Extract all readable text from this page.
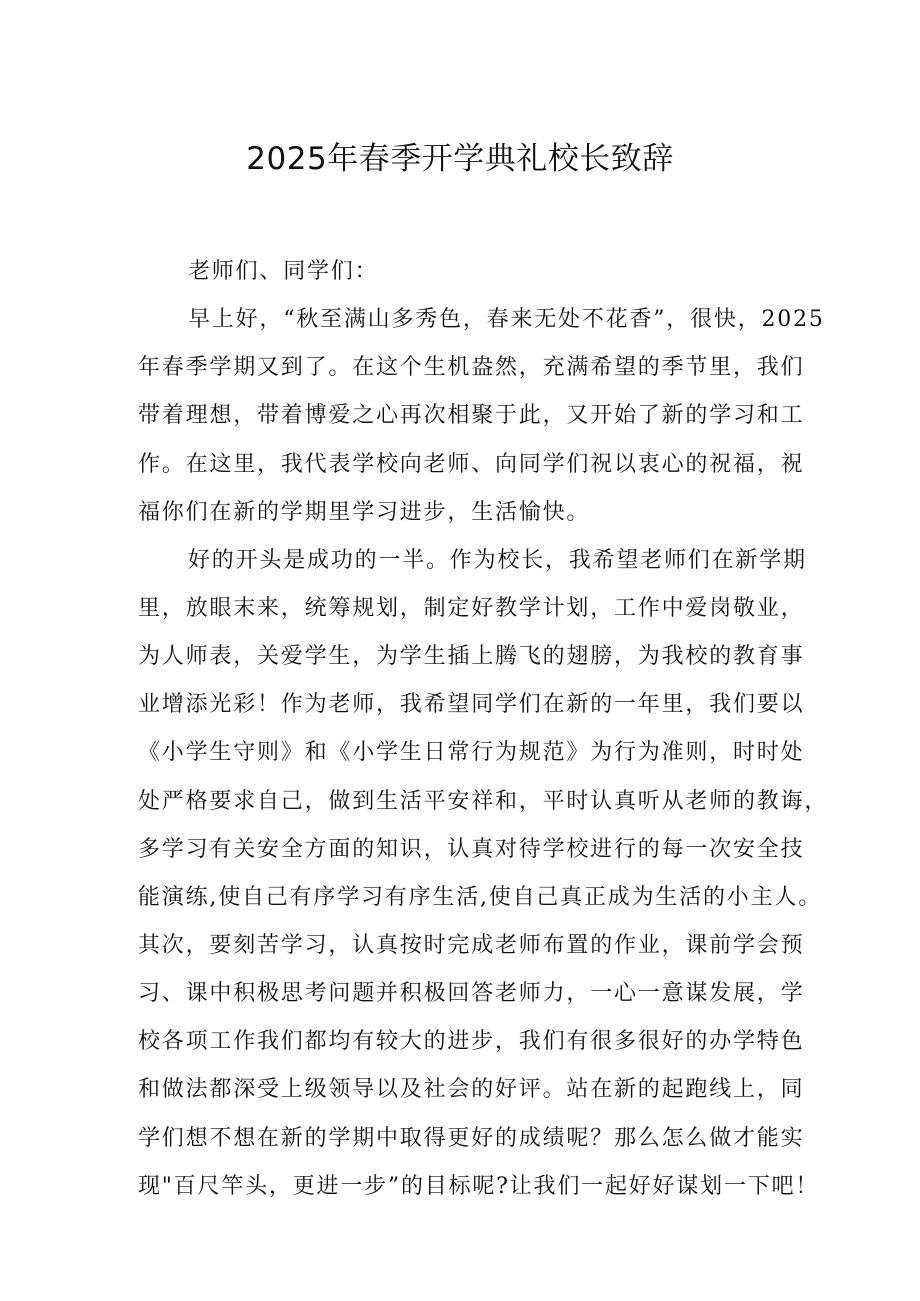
2025年春季开学典礼校长致辞
老师们、同学们：
早上好，“秋至满山多秀色，春来无处不花香”，很快，2025
年春季学期又到了。在这个生机盎然，充满希望的季节里，我们
带着理想，带着博爱之心再次相聚于此，又开始了新的学习和工
作。在这里，我代表学校向老师、向同学们祝以衷心的祝福，祝
福你们在新的学期里学习进步，生活愉快。
好的开头是成功的一半。作为校长，我希望老师们在新学期
里，放眼末来，统筹规划，制定好教学计划，工作中爱岗敬业，
为人师表，关爱学生，为学生插上腾飞的翅膀，为我校的教育事
业增添光彩！作为老师，我希望同学们在新的一年里，我们要以
《小学生守则》和《小学生日常行为规范》为行为准则，时时处
处严格要求自己，做到生活平安祥和，平时认真听从老师的教诲，
多学习有关安全方面的知识，认真对待学校进行的每一次安全技
能演练,使自己有序学习有序生活,使自己真正成为生活的小主人。
其次，要刻苦学习，认真按时完成老师布置的作业，课前学会预
习、课中积极思考问题并积极回答老师力，一心一意谋发展，学
校各项工作我们都均有较大的进步，我们有很多很好的办学特色
和做法都深受上级领导以及社会的好评。站在新的起跑线上，同
学们想不想在新的学期中取得更好的成绩呢？那么怎么做才能实
现"百尺竿头，更进一步”的目标呢?让我们一起好好谋划一下吧！
